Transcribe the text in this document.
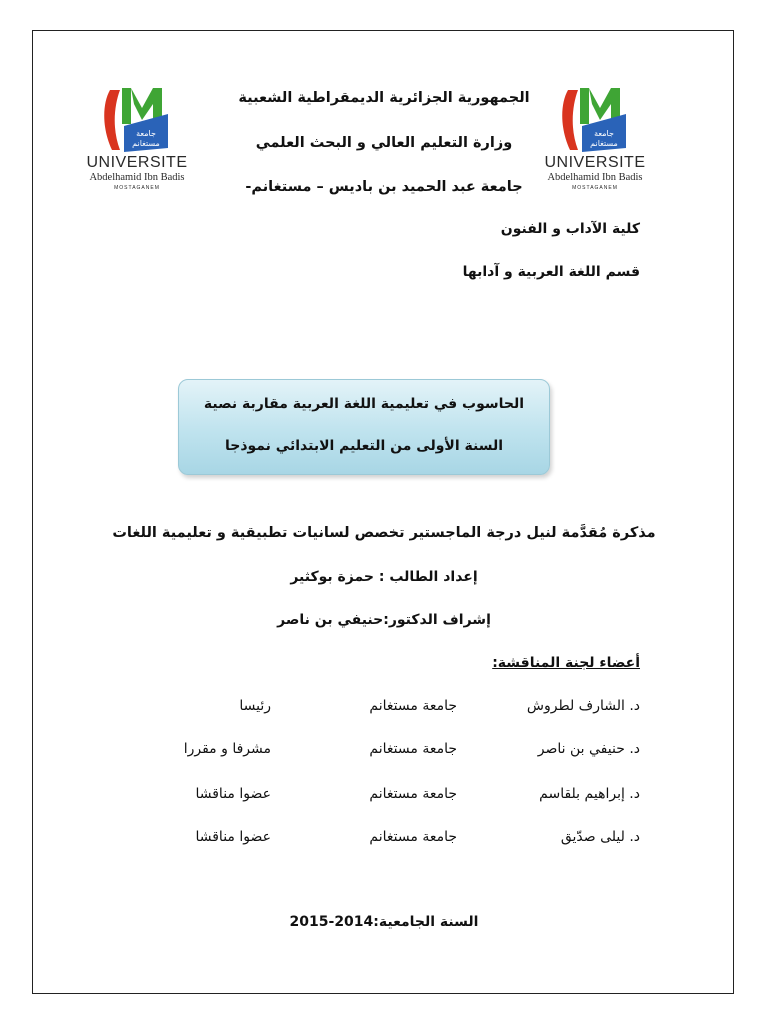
جامعة
مستغانم
UNIVERSITE
Abdelhamid Ibn Badis
MOSTAGANEM
جامعة
مستغانم
UNIVERSITE
Abdelhamid Ibn Badis
MOSTAGANEM
الجمهورية الجزائرية الديمقراطية الشعبية
وزارة التعليم العالي و البحث العلمي
جامعة عبد الحميد بن باديس – مستغانم-
كلية الآداب و الفنون
قسم اللغة العربية و آدابها
الحاسوب في تعليمية اللغة العربية مقاربة نصية
السنة الأولى من التعليم الابتدائي نموذجا
مذكرة مُقدَّمة لنيل درجة الماجستير تخصص لسانيات تطبيقية و تعليمية اللغات
إعداد الطالب : حمزة بوكثير
إشراف الدكتور:حنيفي بن ناصر
أعضاء لجنة المناقشة:
د. الشارف لطروش
جامعة مستغانم
رئيسا
د. حنيفي بن ناصر
جامعة مستغانم
مشرفا و مقررا
د. إبراهيم بلقاسم
جامعة مستغانم
عضوا مناقشا
د. ليلى صدّيق
جامعة مستغانم
عضوا مناقشا
السنة الجامعية:2014-2015
